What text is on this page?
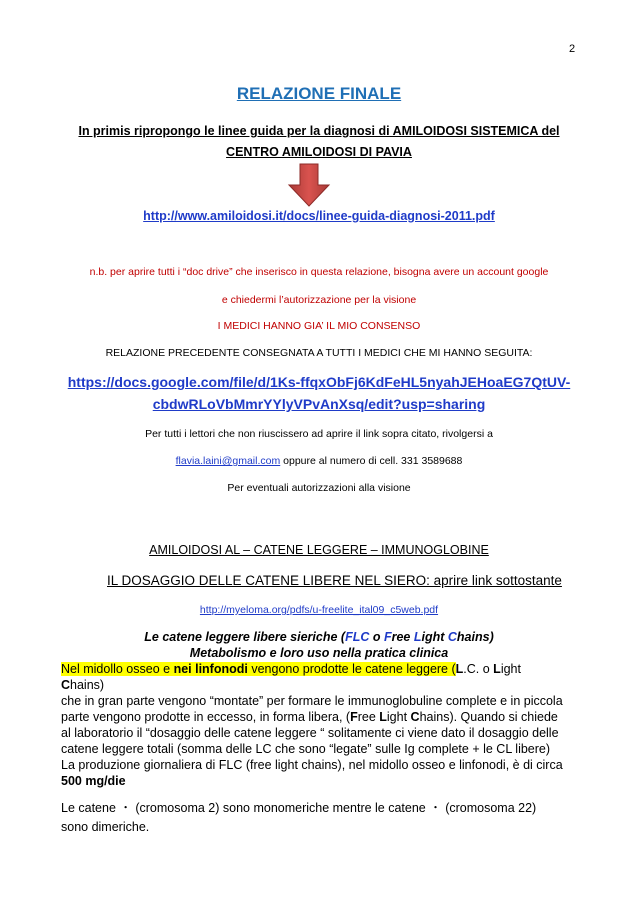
2
RELAZIONE FINALE
In primis ripropongo le linee guida per la diagnosi di AMILOIDOSI SISTEMICA del
CENTRO AMILOIDOSI DI PAVIA
http://www.amiloidosi.it/docs/linee-guida-diagnosi-2011.pdf
n.b. per aprire tutti i “doc drive” che inserisco in questa relazione, bisogna avere un account google
e chiedermi l’autorizzazione per la visione
I MEDICI HANNO GIA’ IL MIO CONSENSO
RELAZIONE PRECEDENTE CONSEGNATA A TUTTI I MEDICI CHE MI HANNO SEGUITA:
https://docs.google.com/file/d/1Ks-ffqxObFj6KdFeHL5nyahJEHoaEG7QtUV-
cbdwRLoVbMmrYYlyVPvAnXsq/edit?usp=sharing
Per tutti i lettori che non riuscissero ad aprire il link sopra citato, rivolgersi a
flavia.laini@gmail.com oppure al numero di cell. 331 3589688
Per eventuali autorizzazioni alla visione
AMILOIDOSI AL – CATENE LEGGERE – IMMUNOGLOBINE
IL DOSAGGIO DELLE CATENE LIBERE NEL SIERO: aprire link sottostante
http://myeloma.org/pdfs/u-freelite_ital09_c5web.pdf
Le catene leggere libere sieriche (FLC o Free Light Chains)
Metabolismo e loro uso nella pratica clinica
Nel midollo osseo e nei linfonodi vengono prodotte le catene leggere (L.C. o Light
Chains)
che in gran parte vengono “montate” per formare le immunoglobuline complete e in piccola
parte vengono prodotte in eccesso, in forma libera, (Free Light Chains). Quando si chiede
al laboratorio il “dosaggio delle catene leggere “ solitamente ci viene dato il dosaggio delle
catene leggere totali (somma delle LC che sono “legate” sulle Ig complete + le CL libere)
La produzione giornaliera di FLC (free light chains), nel midollo osseo e linfonodi, è di circa
500 mg/die
Le catene ・ (cromosoma 2) sono monomeriche mentre le catene ・ (cromosoma 22)
sono dimeriche.
